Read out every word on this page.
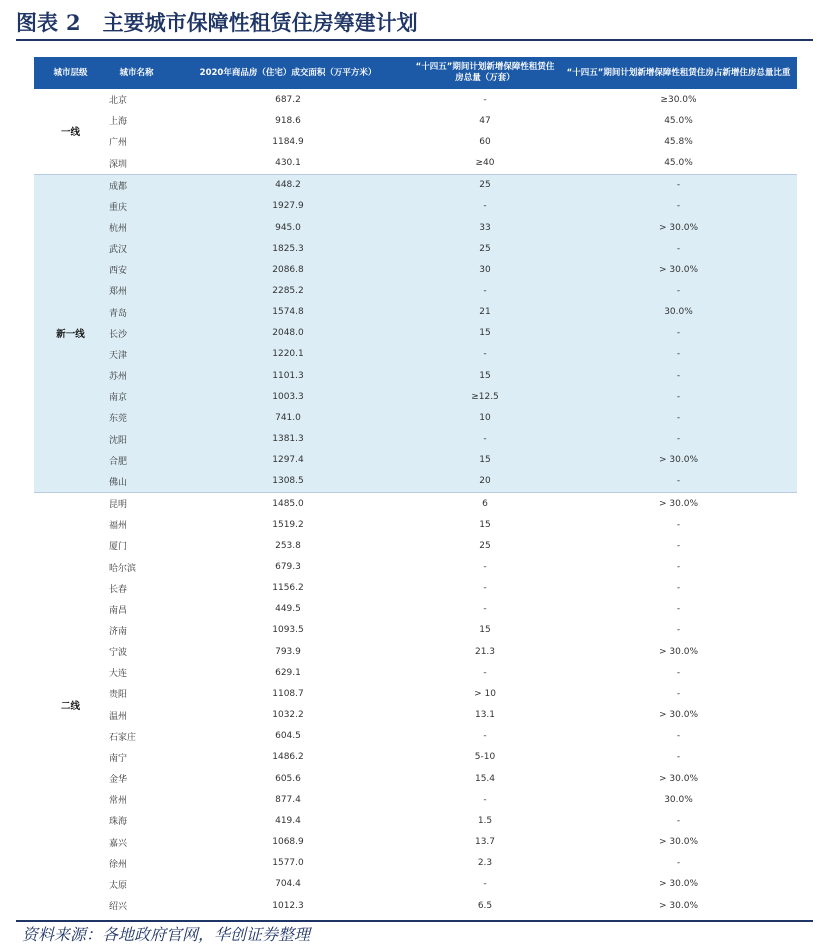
图表 2 主要城市保障性租赁住房筹建计划
城市层级	城市名称	2020年商品房（住宅）成交面积（万平方米）	“十四五”期间计划新增保障性租赁住房总量（万套）	“十四五”期间计划新增保障性租赁住房占新增住房总量比重
一线	北京	687.2	-	≥30.0%
	上海	918.6	47	45.0%
	广州	1184.9	60	45.8%
	深圳	430.1	≥40	45.0%
新一线	成都	448.2	25	-
	重庆	1927.9	-	-
	杭州	945.0	33	> 30.0%
	武汉	1825.3	25	-
	西安	2086.8	30	> 30.0%
	郑州	2285.2	-	-
	青岛	1574.8	21	30.0%
	长沙	2048.0	15	-
	天津	1220.1	-	-
	苏州	1101.3	15	-
	南京	1003.3	≥12.5	-
	东莞	741.0	10	-
	沈阳	1381.3	-	-
	合肥	1297.4	15	> 30.0%
	佛山	1308.5	20	-
二线	昆明	1485.0	6	> 30.0%
	福州	1519.2	15	-
	厦门	253.8	25	-
	哈尔滨	679.3	-	-
	长春	1156.2	-	-
	南昌	449.5	-	-
	济南	1093.5	15	-
	宁波	793.9	21.3	> 30.0%
	大连	629.1	-	-
	贵阳	1108.7	> 10	-
	温州	1032.2	13.1	> 30.0%
	石家庄	604.5	-	-
	南宁	1486.2	5-10	-
	金华	605.6	15.4	> 30.0%
	常州	877.4	-	30.0%
	珠海	419.4	1.5	-
	嘉兴	1068.9	13.7	> 30.0%
	徐州	1577.0	2.3	-
	太原	704.4	-	> 30.0%
	绍兴	1012.3	6.5	> 30.0%
资料来源：各地政府官网，华创证券整理
